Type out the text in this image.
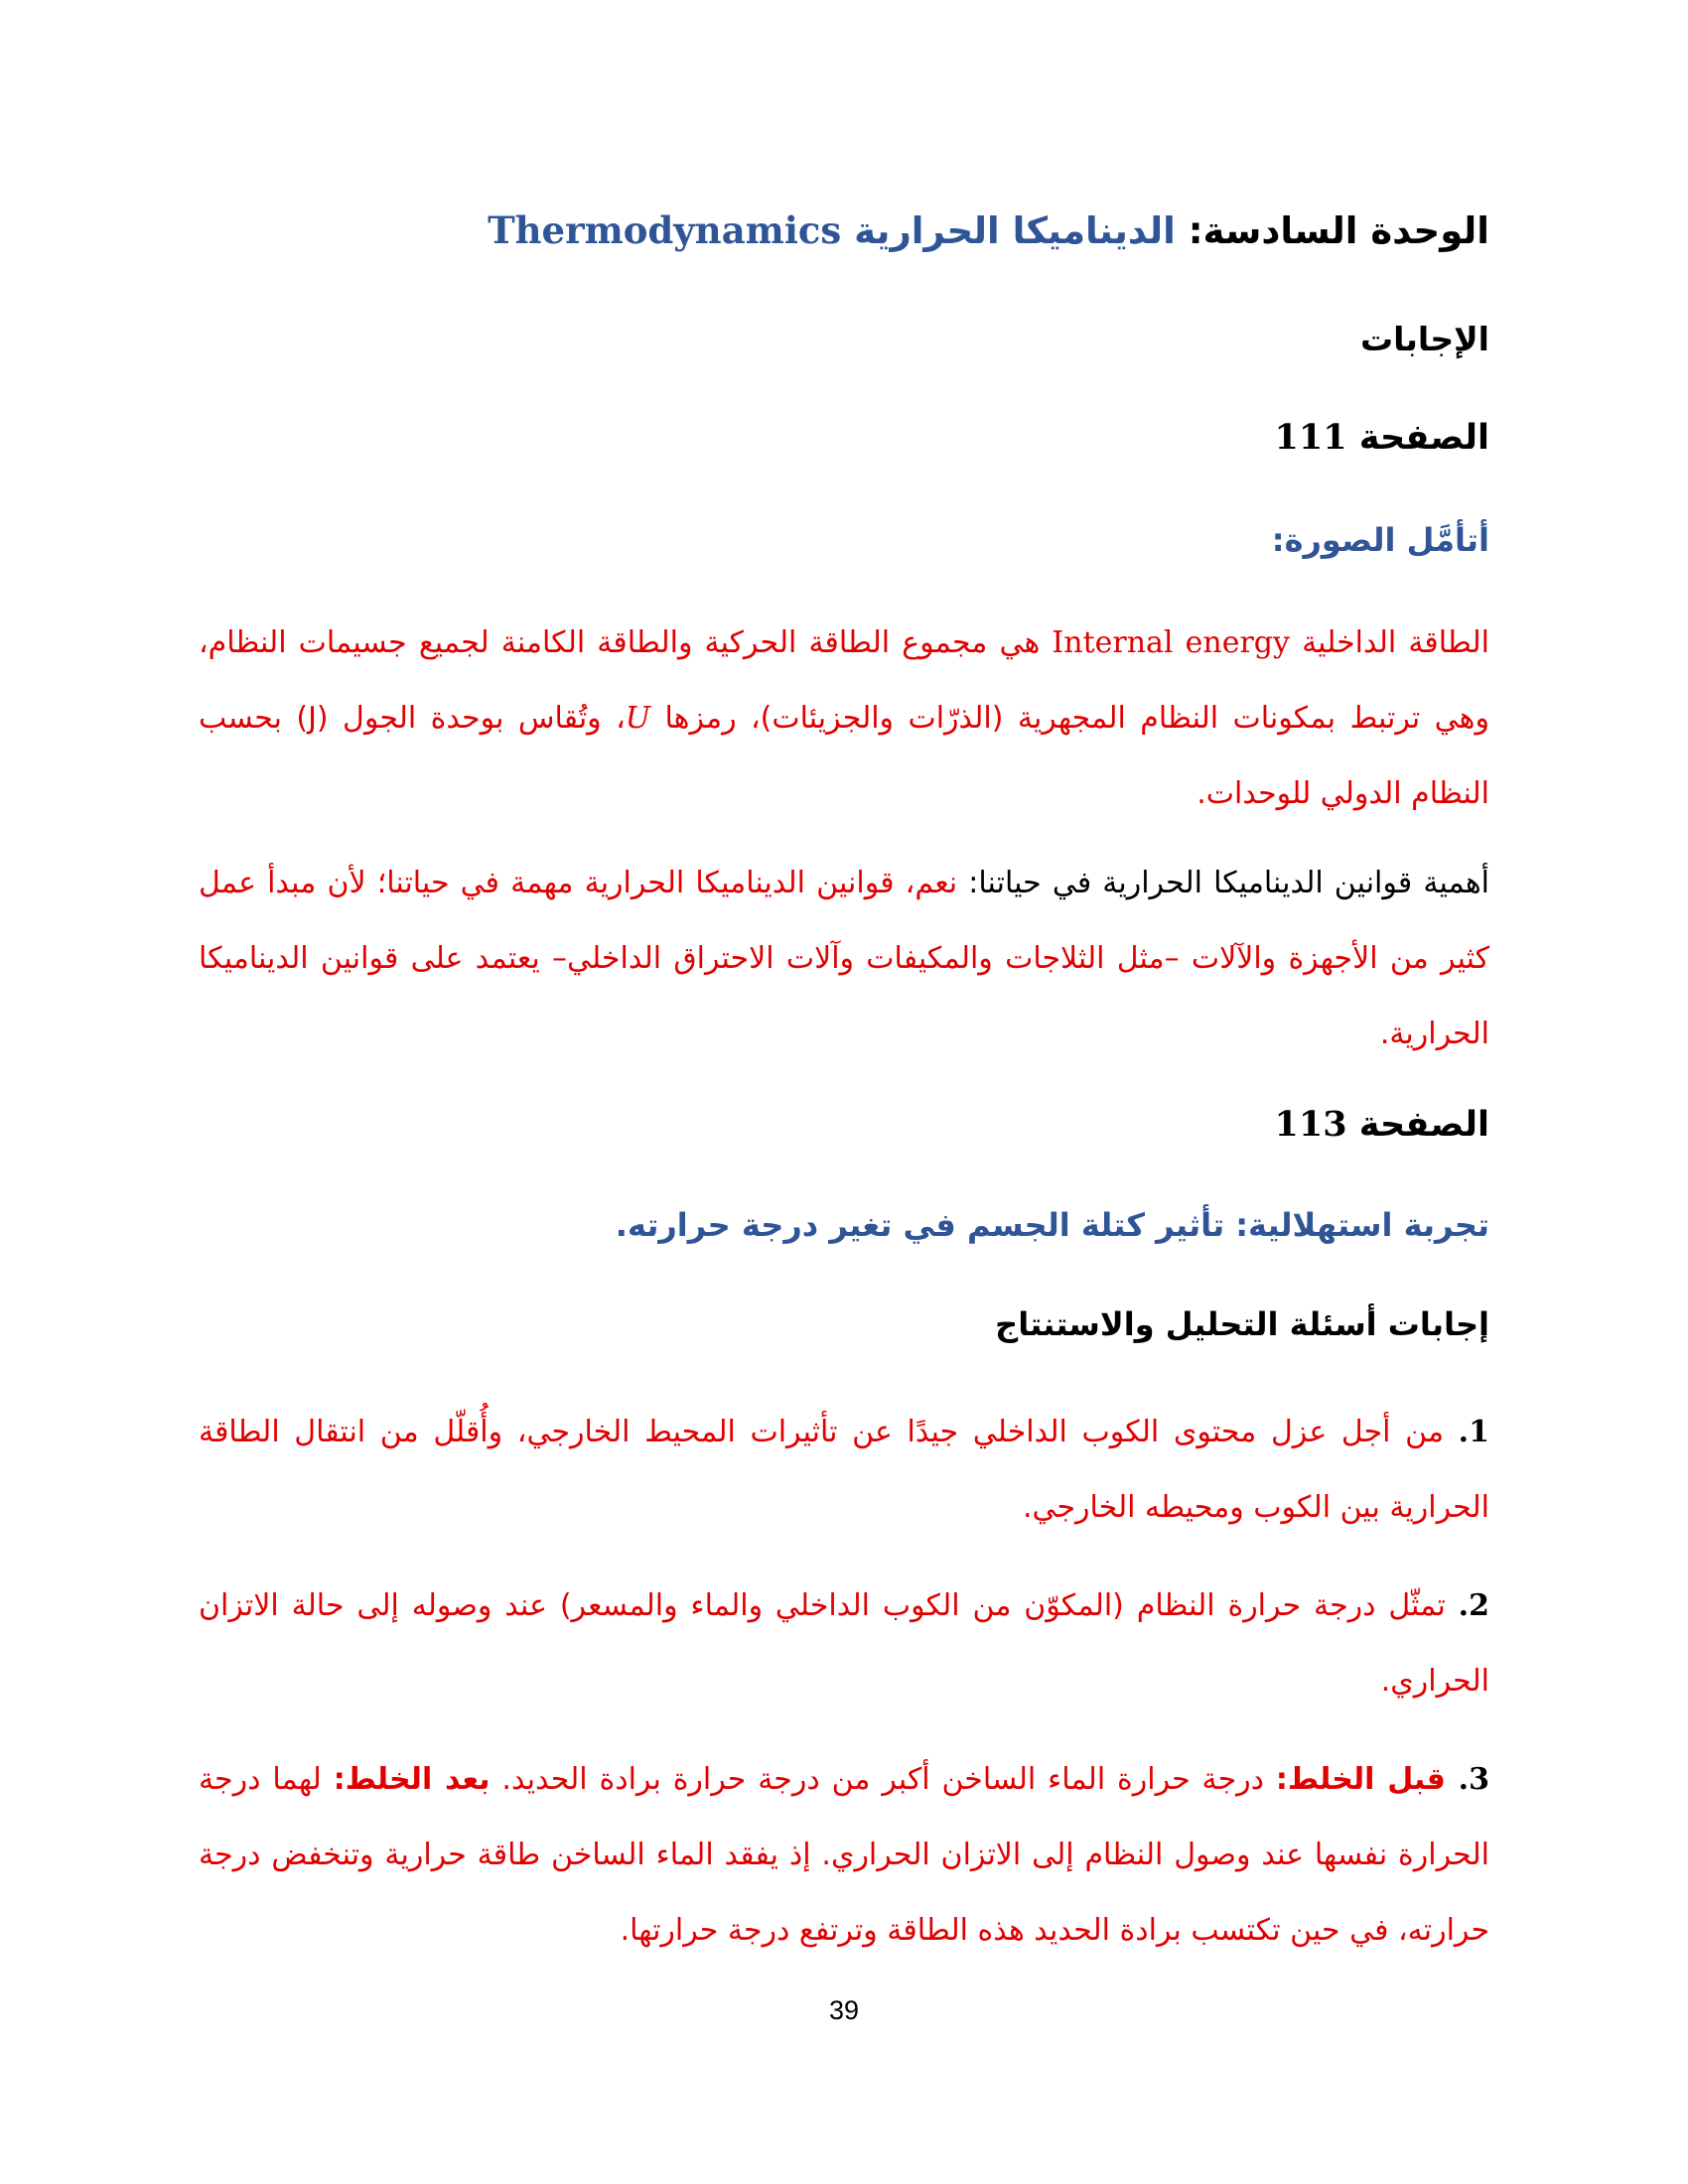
الوحدة السادسة: الديناميكا الحرارية Thermodynamics
الإجابات
الصفحة 111
أتأمَّل الصورة:
الطاقة الداخلية Internal energy هي مجموع الطاقة الحركية والطاقة الكامنة لجميع جسيمات النظام، وهي ترتبط بمكونات النظام المجهرية (الذرّات والجزيئات)، رمزها U، وتُقاس بوحدة الجول (J) بحسب النظام الدولي للوحدات.
أهمية قوانين الديناميكا الحرارية في حياتنا: نعم، قوانين الديناميكا الحرارية مهمة في حياتنا؛ لأن مبدأ عمل كثير من الأجهزة والآلات –مثل الثلاجات والمكيفات وآلات الاحتراق الداخلي– يعتمد على قوانين الديناميكا الحرارية.
الصفحة 113
تجربة استهلالية: تأثير كتلة الجسم في تغير درجة حرارته.
إجابات أسئلة التحليل والاستنتاج
1. من أجل عزل محتوى الكوب الداخلي جيدًا عن تأثيرات المحيط الخارجي، وأُقلّل من انتقال الطاقة الحرارية بين الكوب ومحيطه الخارجي.
2. تمثّل درجة حرارة النظام (المكوّن من الكوب الداخلي والماء والمسعر) عند وصوله إلى حالة الاتزان الحراري.
3. قبل الخلط: درجة حرارة الماء الساخن أكبر من درجة حرارة برادة الحديد. بعد الخلط: لهما درجة الحرارة نفسها عند وصول النظام إلى الاتزان الحراري. إذ يفقد الماء الساخن طاقة حرارية وتنخفض درجة حرارته، في حين تكتسب برادة الحديد هذه الطاقة وترتفع درجة حرارتها.
39
